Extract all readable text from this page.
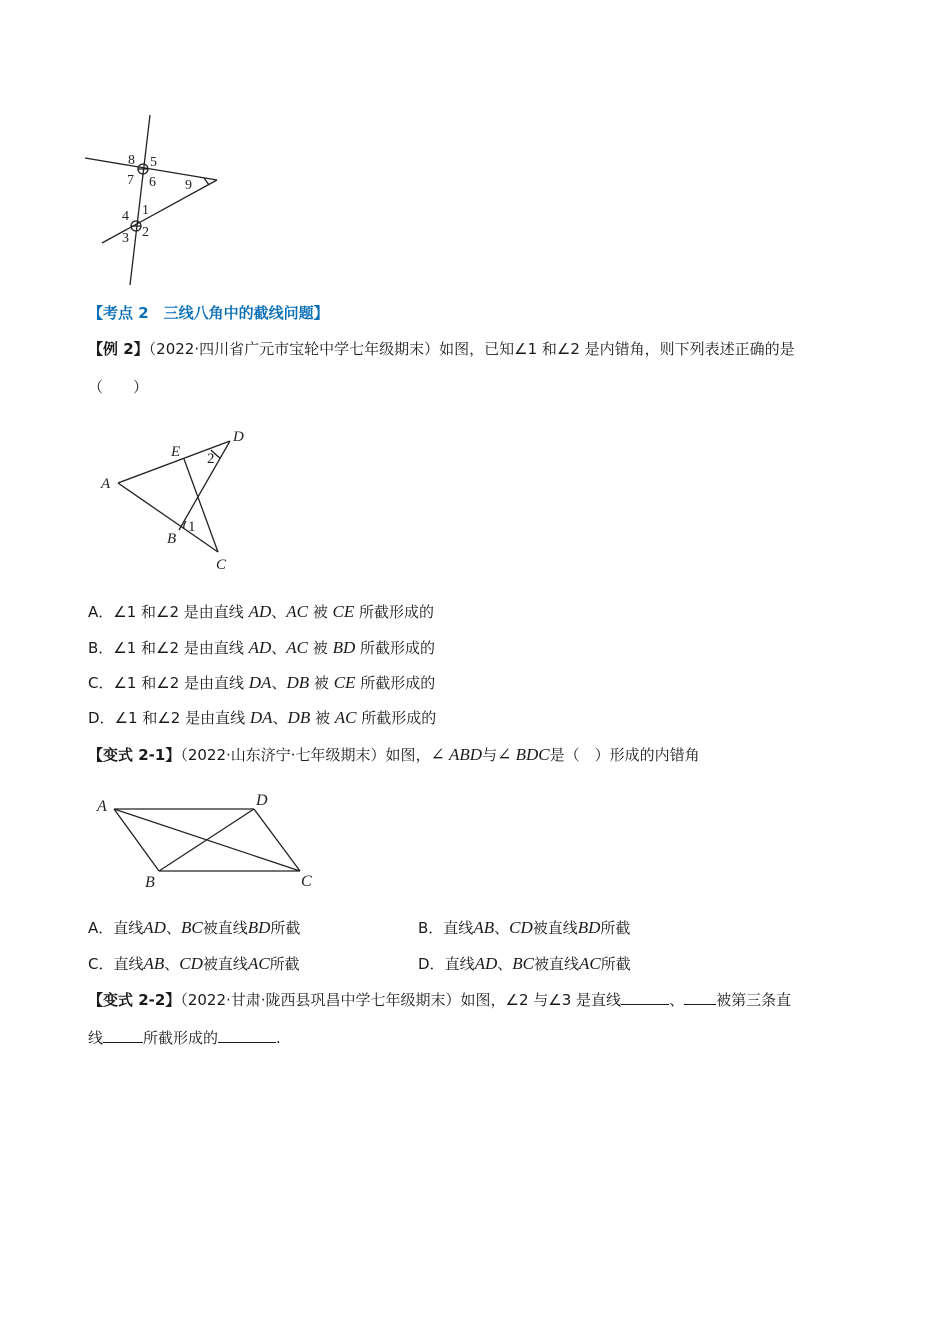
8 5
7 6 9
4 1
3 2
【考点 2　三线八角中的截线问题】
【例 2】（2022·四川省广元市宝轮中学七年级期末）如图，已知∠1 和∠2 是内错角，则下列表述正确的是
（　　）
E
D
A
B
C
2
1
A．∠1 和∠2 是由直线 AD、AC 被 CE 所截形成的
B．∠1 和∠2 是由直线 AD、AC 被 BD 所截形成的
C．∠1 和∠2 是由直线 DA、DB 被 CE 所截形成的
D．∠1 和∠2 是由直线 DA、DB 被 AC 所截形成的
【变式 2-1】（2022·山东济宁·七年级期末）如图，∠ ABD与∠ BDC是（　）形成的内错角
A	D
B	C
A．直线AD、BC被直线BD所截	B．直线AB、CD被直线BD所截
C．直线AB、CD被直线AC所截	D．直线AD、BC被直线AC所截
【变式 2-2】（2022·甘肃·陇西县巩昌中学七年级期末）如图，∠2 与∠3 是直线	、 被第三条直
线	所截形成的	.
